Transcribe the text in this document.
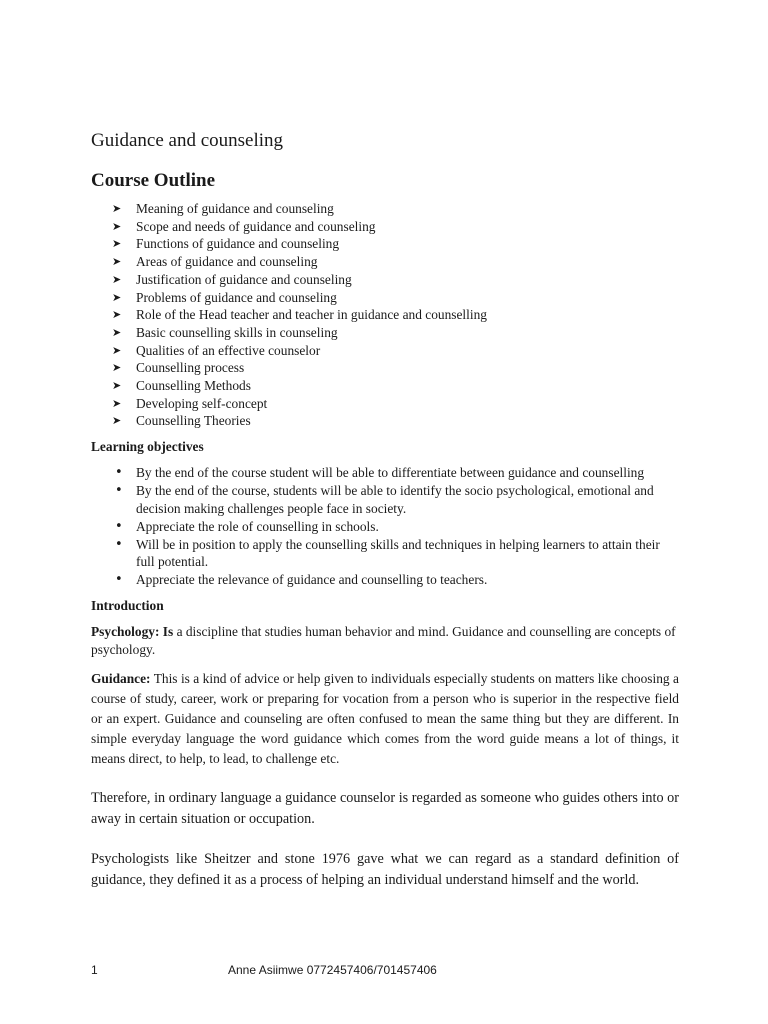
Guidance and counseling
Course Outline
➤ Meaning of guidance and counseling
➤ Scope and needs of guidance and counseling
➤ Functions of guidance and counseling
➤ Areas of guidance and counseling
➤ Justification of guidance and counseling
➤ Problems of guidance and counseling
➤ Role of the Head teacher and teacher in guidance and counselling
➤ Basic counselling skills in counseling
➤ Qualities of an effective counselor
➤ Counselling process
➤ Counselling Methods
➤ Developing self-concept
➤ Counselling Theories
Learning objectives
• By the end of the course student will be able to differentiate between guidance and counselling
• By the end of the course, students will be able to identify the socio psychological, emotional and decision making challenges people face in society.
• Appreciate the role of counselling in schools.
• Will be in position to apply the counselling skills and techniques in helping learners to attain their full potential.
• Appreciate the relevance of guidance and counselling to teachers.
Introduction

Psychology: Is a discipline that studies human behavior and mind. Guidance and counselling are concepts of psychology.

Guidance: This is a kind of advice or help given to individuals especially students on matters like choosing a course of study, career, work or preparing for vocation from a person who is superior in the respective field or an expert. Guidance and counseling are often confused to mean the same thing but they are different. In simple everyday language the word guidance which comes from the word guide means a lot of things, it means direct, to help, to lead, to challenge etc.

Therefore, in ordinary language a guidance counselor is regarded as someone who guides others into or away in certain situation or occupation.

Psychologists like Sheitzer and stone 1976 gave what we can regard as a standard definition of guidance, they defined it as a process of helping an individual understand himself and the world.

1	Anne Asiimwe 0772457406/701457406
